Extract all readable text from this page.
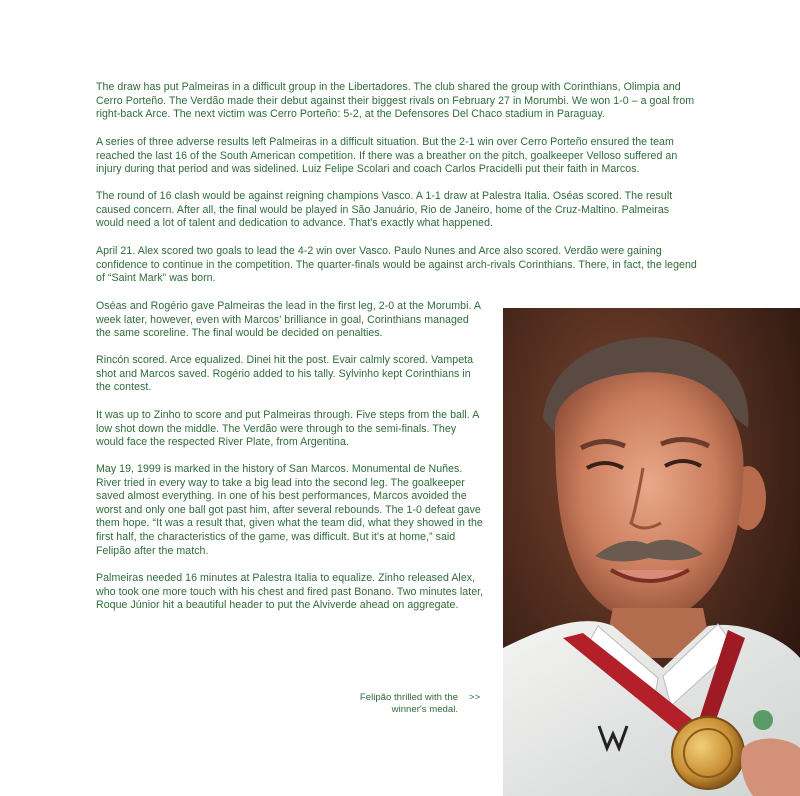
The draw has put Palmeiras in a difficult group in the Libertadores. The club shared the group with Corinthians, Olimpia and Cerro Porteño. The Verdão made their debut against their biggest rivals on February 27 in Morumbi. We won 1-0 – a goal from right-back Arce. The next victim was Cerro Porteño: 5-2, at the Defensores Del Chaco stadium in Paraguay.

A series of three adverse results left Palmeiras in a difficult situation. But the 2-1 win over Cerro Porteño ensured the team reached the last 16 of the South American competition. If there was a breather on the pitch, goalkeeper Velloso suffered an injury during that period and was sidelined. Luiz Felipe Scolari and coach Carlos Pracidelli put their faith in Marcos.

The round of 16 clash would be against reigning champions Vasco. A 1-1 draw at Palestra Italia. Oséas scored. The result caused concern. After all, the final would be played in São Januário, Rio de Janeiro, home of the Cruz-Maltino. Palmeiras would need a lot of talent and dedication to advance. That's exactly what happened.

April 21. Alex scored two goals to lead the 4-2 win over Vasco. Paulo Nunes and Arce also scored. Verdão were gaining confidence to continue in the competition. The quarter-finals would be against arch-rivals Corinthians. There, in fact, the legend of “Saint Mark” was born.

Oséas and Rogério gave Palmeiras the lead in the first leg, 2-0 at the Morumbi. A week later, however, even with Marcos' brilliance in goal, Corinthians managed the same scoreline. The final would be decided on penalties.

Rincón scored. Arce equalized. Dinei hit the post. Evair calmly scored. Vampeta shot and Marcos saved. Rogério added to his tally. Sylvinho kept Corinthians in the contest.

It was up to Zinho to score and put Palmeiras through. Five steps from the ball. A low shot down the middle. The Verdão were through to the semi-finals. They would face the respected River Plate, from Argentina.

May 19, 1999 is marked in the history of San Marcos. Monumental de Nuñes. River tried in every way to take a big lead into the second leg. The goalkeeper saved almost everything. In one of his best performances, Marcos avoided the worst and only one ball got past him, after several rebounds. The 1-0 defeat gave them hope. “It was a result that, given what the team did, what they showed in the first half, the characteristics of the game, was difficult. But it's at home,” said Felipão after the match.

Palmeiras needed 16 minutes at Palestra Italia to equalize. Zinho released Alex, who took one more touch with his chest and fired past Bonano. Two minutes later, Roque Júnior hit a beautiful header to put the Alviverde ahead on aggregate.

Felipão thrilled with the winner's medal.
>>
